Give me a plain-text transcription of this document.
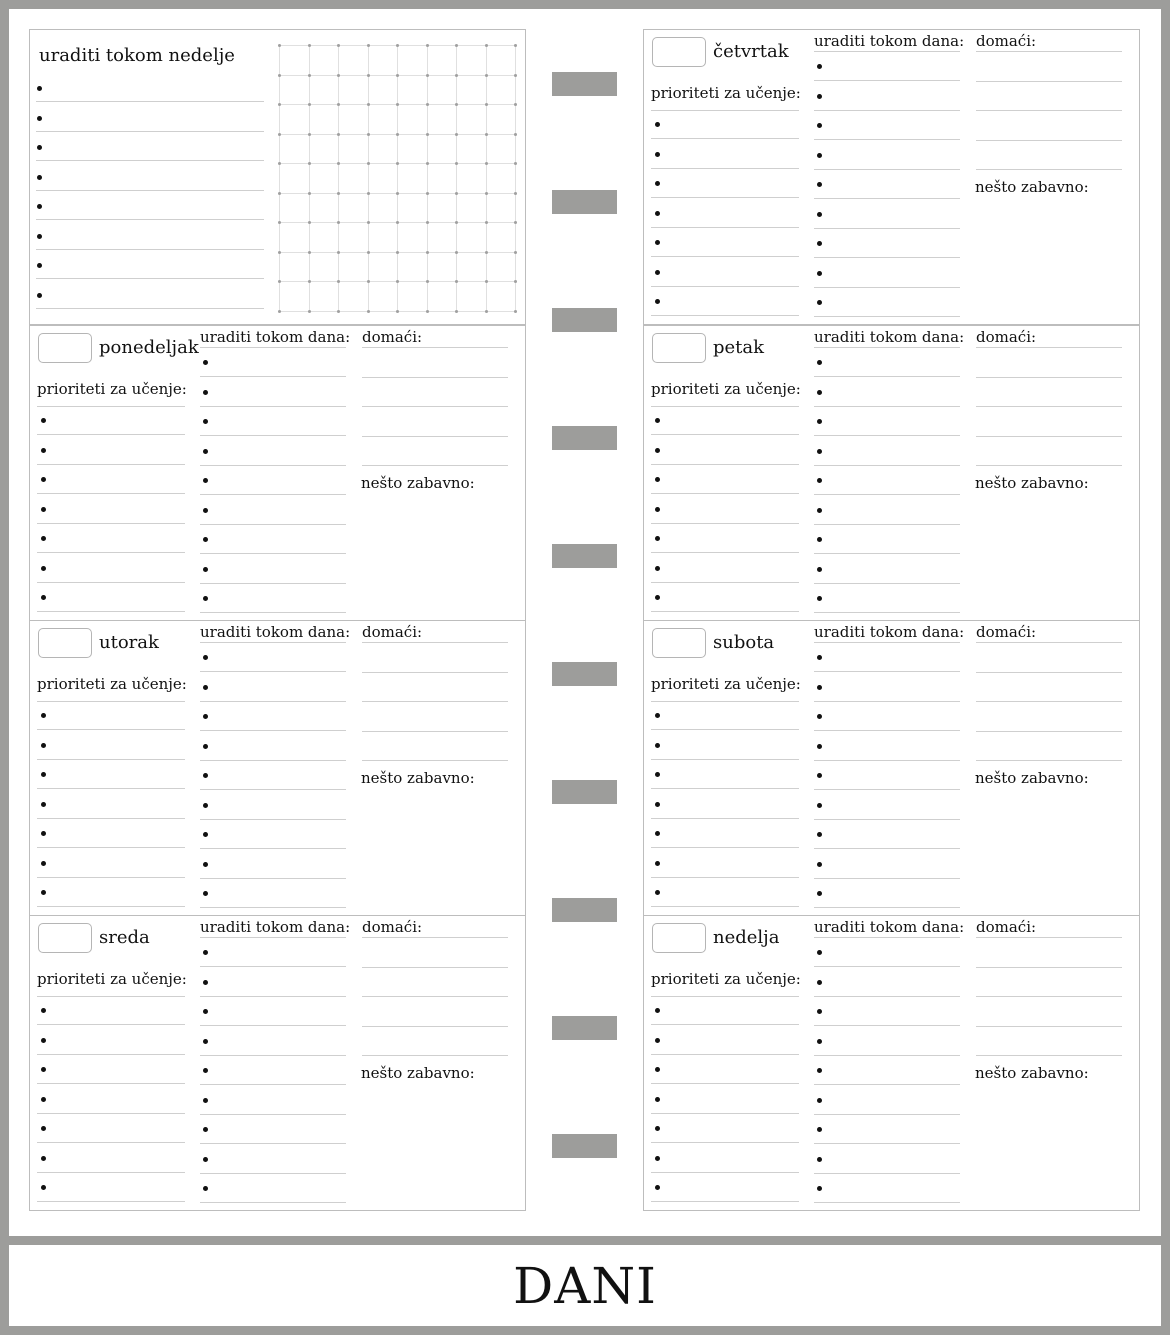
DANI
uraditi tokom nedelje
ponedeljak
prioriteti za učenje:
uraditi tokom dana: domaći:
nešto zabavno:
utorak
prioriteti za učenje:
uraditi tokom dana: domaći:
nešto zabavno:
sreda
prioriteti za učenje:
uraditi tokom dana: domaći:
nešto zabavno:
četvrtak
prioriteti za učenje:
uraditi tokom dana: domaći:
nešto zabavno:
petak
prioriteti za učenje:
uraditi tokom dana: domaći:
nešto zabavno:
subota
prioriteti za učenje:
uraditi tokom dana: domaći:
nešto zabavno:
nedelja
prioriteti za učenje:
uraditi tokom dana: domaći:
nešto zabavno:
